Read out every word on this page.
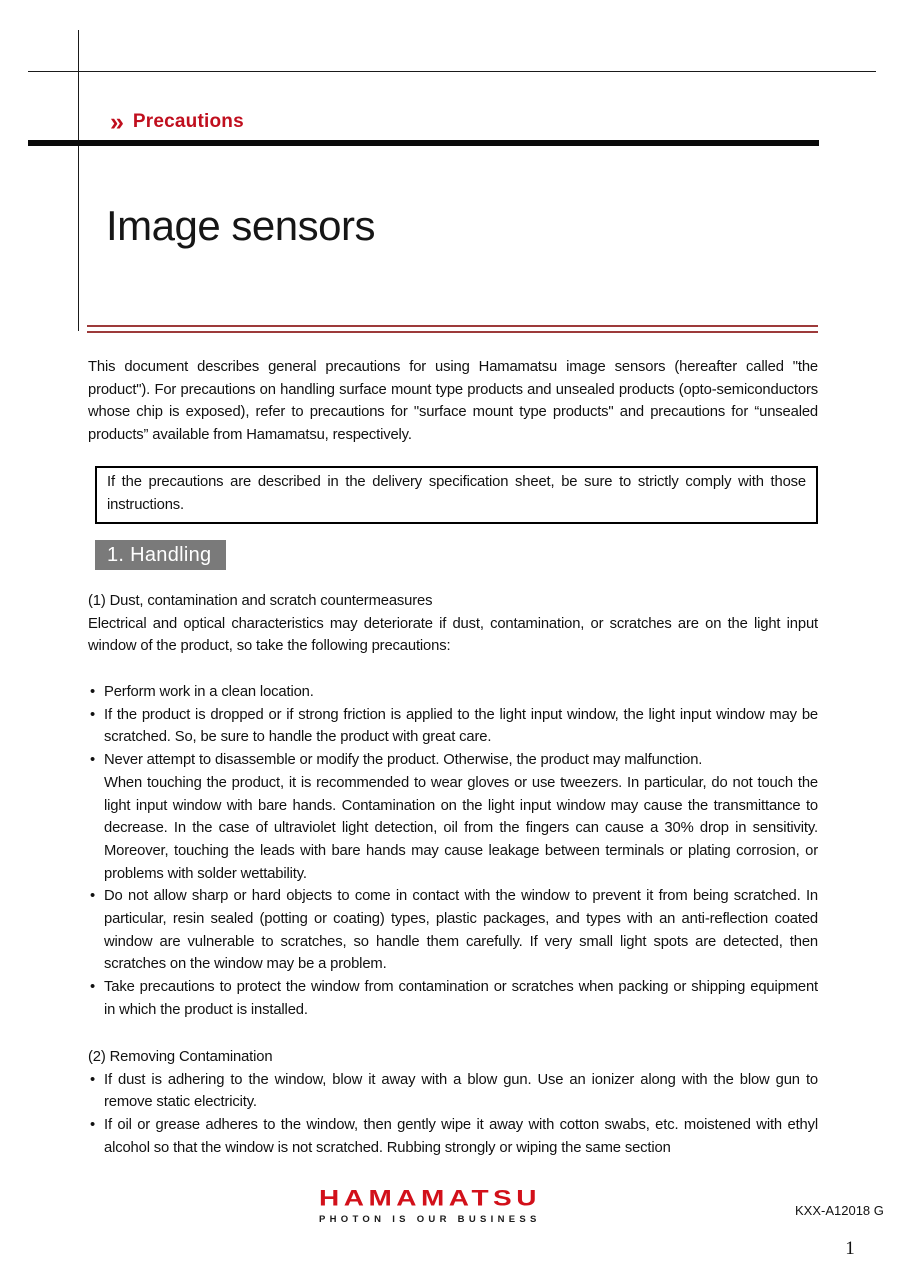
» Precautions
Image sensors
This document describes general precautions for using Hamamatsu image sensors (hereafter called "the product"). For precautions on handling surface mount type products and unsealed products (opto-semiconductors whose chip is exposed), refer to precautions for "surface mount type products" and precautions for “unsealed products” available from Hamamatsu, respectively.
If the precautions are described in the delivery specification sheet, be sure to strictly comply with those instructions.
1. Handling
(1) Dust, contamination and scratch countermeasures
Electrical and optical characteristics may deteriorate if dust, contamination, or scratches are on the light input window of the product, so take the following precautions:

• Perform work in a clean location.

• If the product is dropped or if strong friction is applied to the light input window, the light input window may be scratched. So, be sure to handle the product with great care.

• Never attempt to disassemble or modify the product. Otherwise, the product may malfunction.

When touching the product, it is recommended to wear gloves or use tweezers. In particular, do not touch the light input window with bare hands. Contamination on the light input window may cause the transmittance to decrease. In the case of ultraviolet light detection, oil from the fingers can cause a 30% drop in sensitivity. Moreover, touching the leads with bare hands may cause leakage between terminals or plating corrosion, or problems with solder wettability.

• Do not allow sharp or hard objects to come in contact with the window to prevent it from being scratched. In particular, resin sealed (potting or coating) types, plastic packages, and types with an anti-reflection coated window are vulnerable to scratches, so handle them carefully. If very small light spots are detected, then scratches on the window may be a problem.

• Take precautions to protect the window from contamination or scratches when packing or shipping equipment in which the product is installed.

(2) Removing Contamination

• If dust is adhering to the window, blow it away with a blow gun. Use an ionizer along with the blow gun to remove static electricity.

• If oil or grease adheres to the window, then gently wipe it away with cotton swabs, etc. moistened with ethyl alcohol so that the window is not scratched. Rubbing strongly or wiping the same section

HAMAMATSU
PHOTON IS OUR BUSINESS
KXX-A12018 G
1
